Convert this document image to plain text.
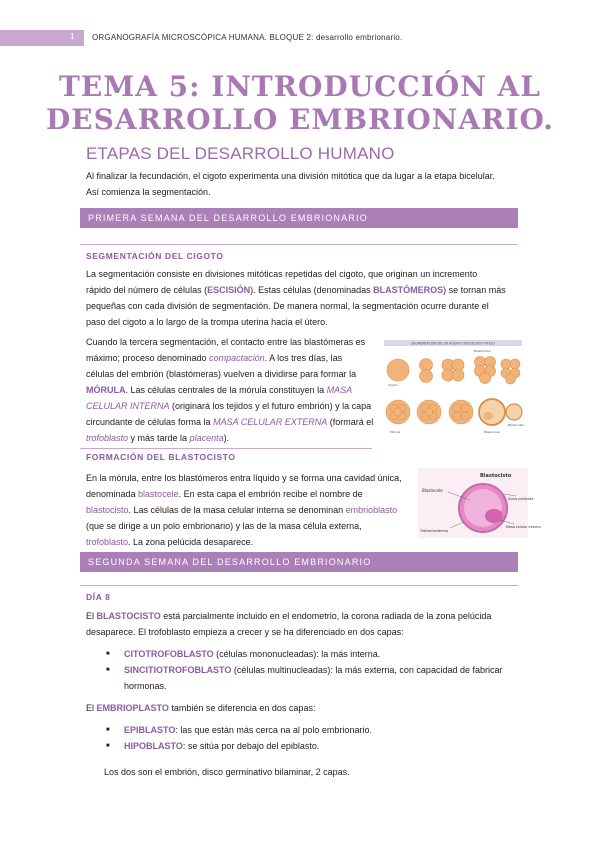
1 ORGANOGRAFÍA MICROSCÓPICA HUMANA. BLOQUE 2: desarrollo embrionario.
TEMA 5: INTRODUCCIÓN AL
DESARROLLO EMBRIONARIO.
ETAPAS DEL DESARROLLO HUMANO
Al finalizar la fecundación, el cigoto experimenta una división mitótica que da lugar a la etapa bicelular.
Así comienza la segmentación.
PRIMERA SEMANA DEL DESARROLLO EMBRIONARIO
SEGMENTACIÓN DEL CIGOTO
La segmentación consiste en divisiones mitóticas repetidas del cigoto, que originan un incremento
rápido del número de células (ESCISIÓN). Estas células (denominadas BLASTÓMEROS) se tornan más
pequeñas con cada división de segmentación. De manera normal, la segmentación ocurre durante el
paso del cigoto a lo largo de la trompa uterina hacia el útero.
Cuando la tercera segmentación, el contacto entre las blastómeras es
máximo; proceso denominado compactación. A los tres días, las
células del embrión (blastómeras) vuelven a dividirse para formar la
MÓRULA. Las células centrales de la mórula constituyen la MASA
CELULAR INTERNA (originará los tejidos y el futuro embrión) y la capa
circundante de células forma la MASA CELULAR EXTERNA (formará el
trofoblasto y más tarde la placenta).
SEGMENTACIÓN DE UN HUEVO CON ESCASO VITELO
Cigoto
Blastómero
Mórula	Blastocele
Blastocisto
FORMACIÓN DEL BLASTOCISTO
En la mórula, entre los blastómeros entra líquido y se forma una cavidad única,
denominada blastocele. En esta capa el embrión recibe el nombre de
blastocisto. Las células de la masa celular interna se denominan embrioblasto
(que se dirige a un polo embrionario) y las de la masa célula externa,
trofoblasto. La zona pelúcida desaparece.
Blastocisto
Blastocele
Zona pelúcida
Trofoectodermo
Masa celular interna
SEGUNDA SEMANA DEL DESARROLLO EMBRIONARIO
DÍA 8
El BLASTOCISTO está parcialmente incluido en el endometrio, la corona radiada de la zona pelúcida
desaparece. El trofoblasto empieza a crecer y se ha diferenciado en dos capas:
■ CITOTROFOBLASTO (células mononucleadas): la más interna.
■ SINCITIOTROFOBLASTO (células multinucleadas): la más externa, con capacidad de fabricar
hormonas.
El EMBRIOPLASTO también se diferencia en dos capas:
■ EPIBLASTO: las que están más cerca na al polo embrionario.
■ HIPOBLASTO: se sitúa por debajo del epiblasto.
Los dos son el embrión, disco germinativo bilaminar, 2 capas.
